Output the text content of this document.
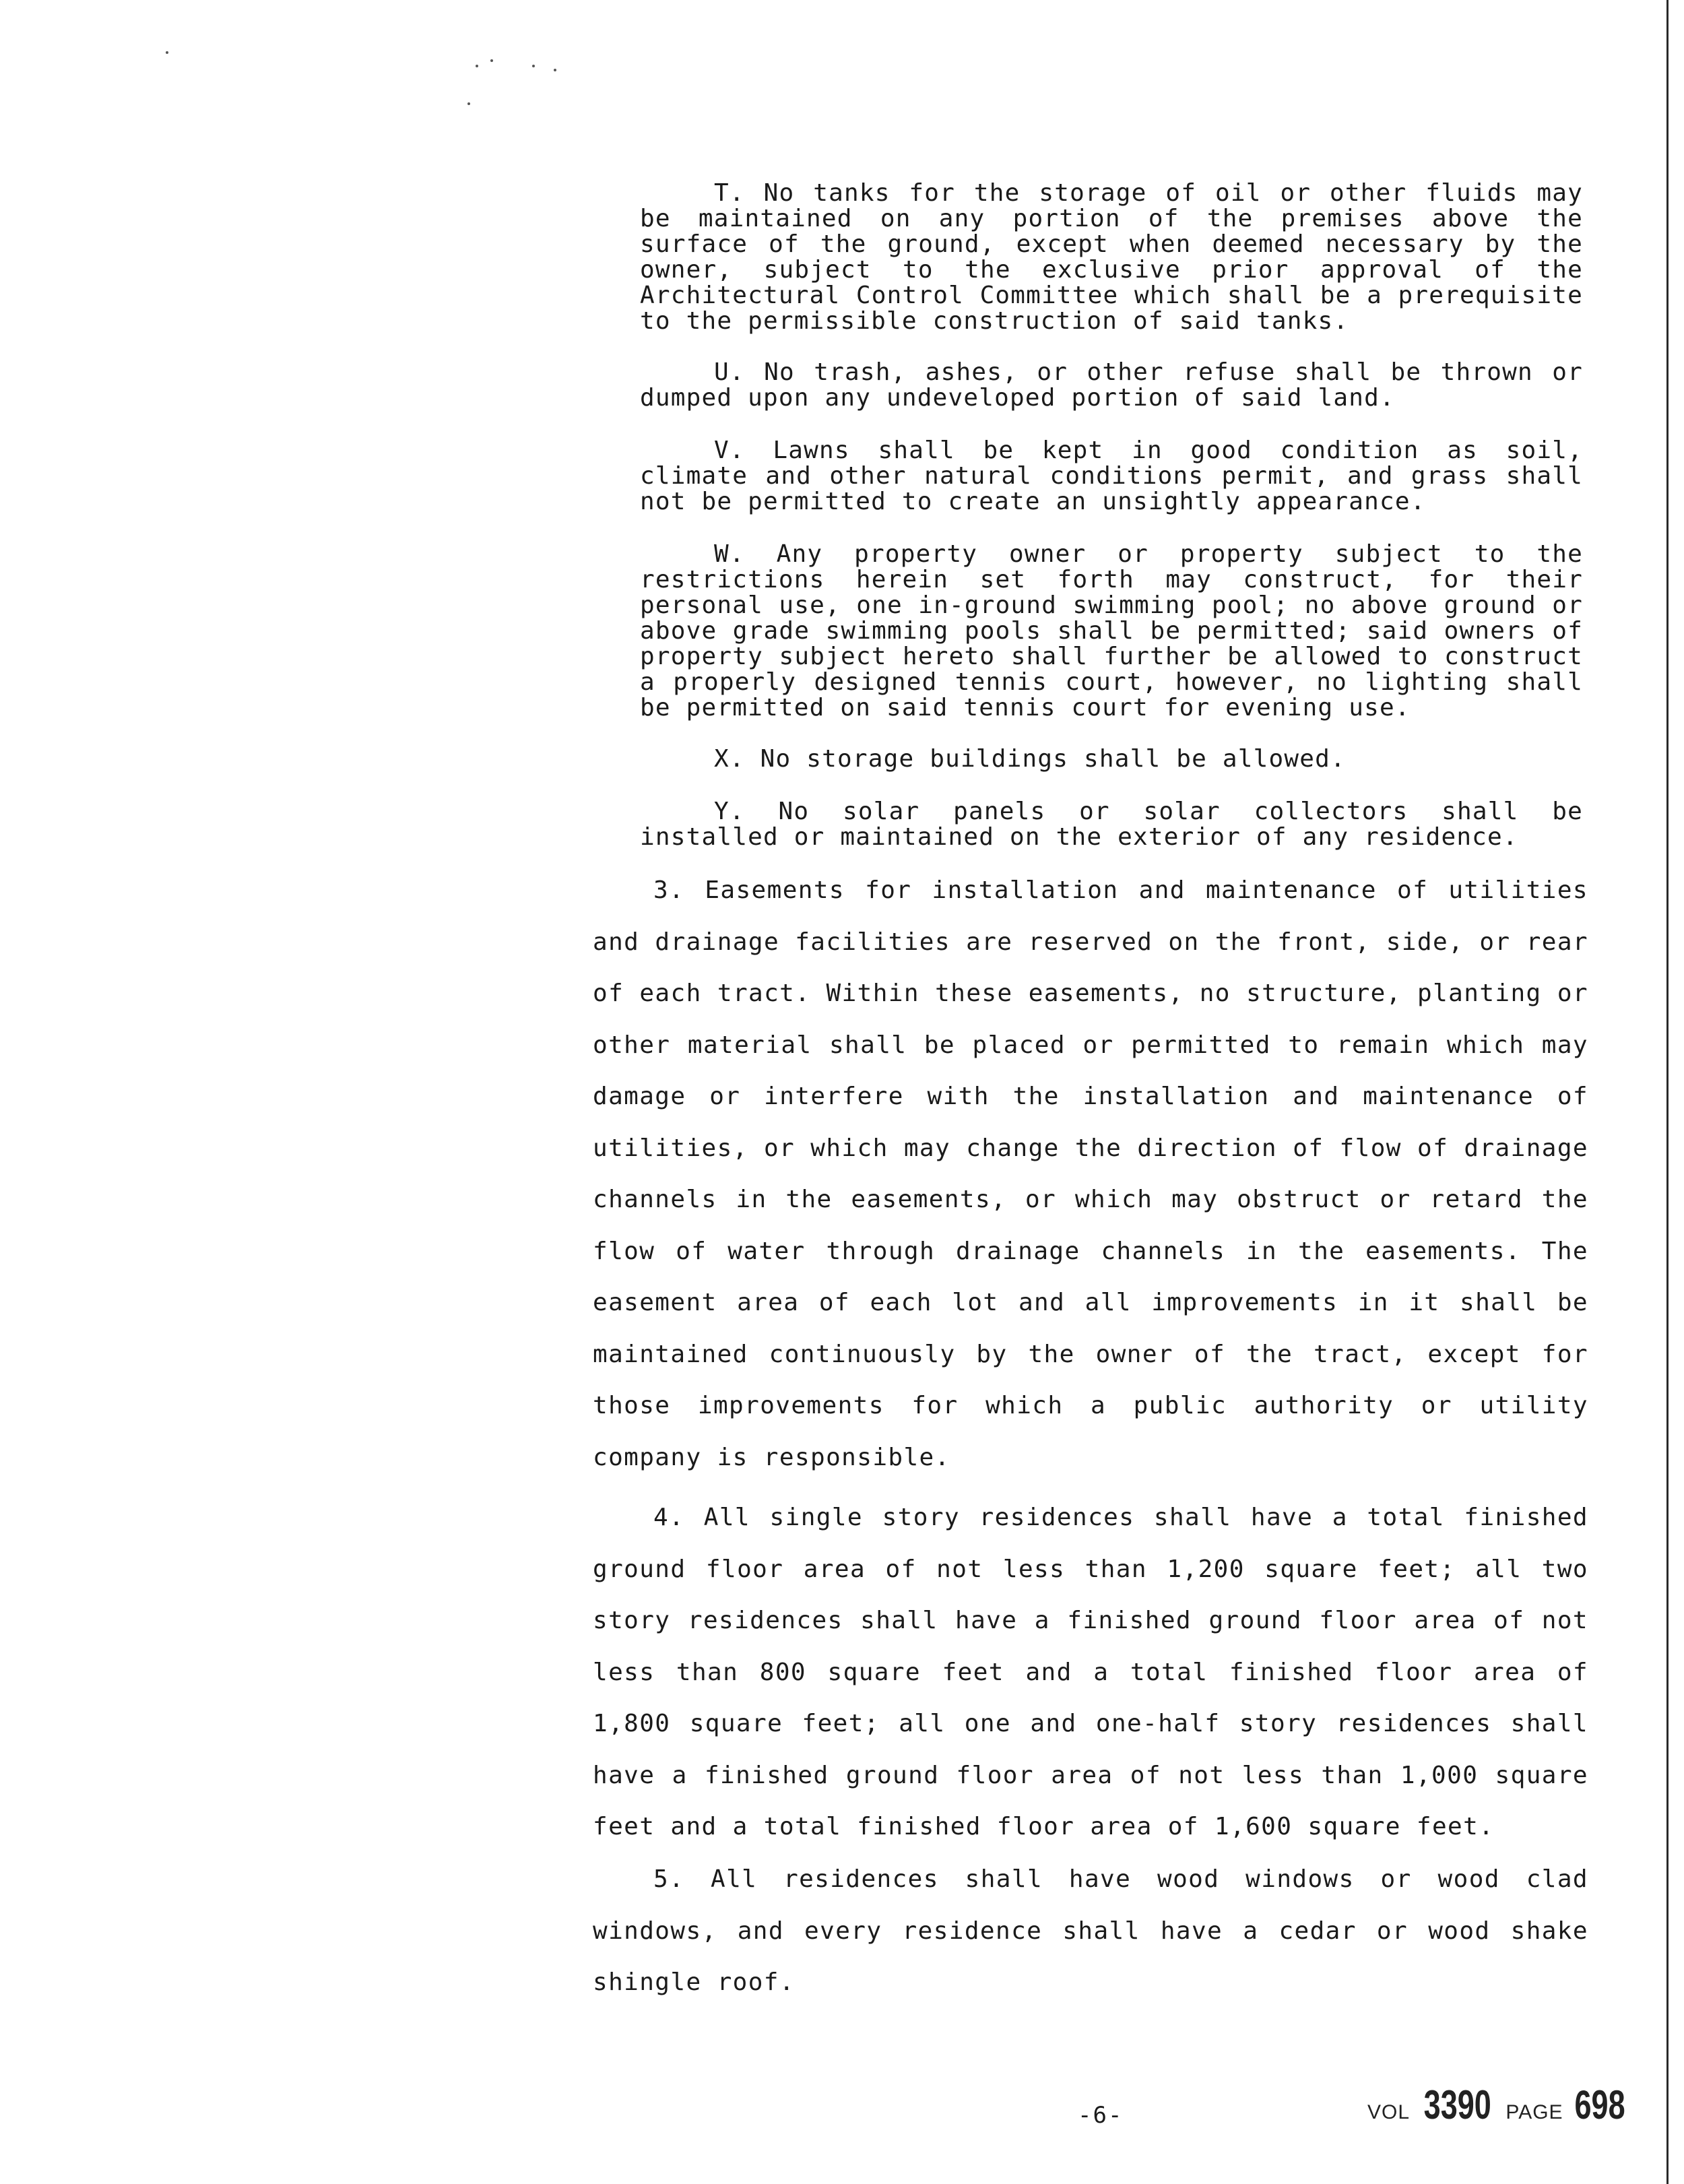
T. No tanks for the storage of oil or other fluids may be maintained on any portion of the premises above the surface of the ground, except when deemed necessary by the owner, subject to the exclusive prior approval of the Architectural Control Committee which shall be a prerequisite to the permissible construction of said tanks.

U. No trash, ashes, or other refuse shall be thrown or dumped upon any undeveloped portion of said land.

V. Lawns shall be kept in good condition as soil, climate and other natural conditions permit, and grass shall not be permitted to create an unsightly appearance.

W. Any property owner or property subject to the restrictions herein set forth may construct, for their personal use, one in-ground swimming pool; no above ground or above grade swimming pools shall be permitted; said owners of property subject hereto shall further be allowed to construct a properly designed tennis court, however, no lighting shall be permitted on said tennis court for evening use.

X. No storage buildings shall be allowed.

Y. No solar panels or solar collectors shall be installed or maintained on the exterior of any residence.

3. Easements for installation and maintenance of utilities and drainage facilities are reserved on the front, side, or rear of each tract. Within these easements, no structure, planting or other material shall be placed or permitted to remain which may damage or interfere with the installation and maintenance of utilities, or which may change the direction of flow of drainage channels in the easements, or which may obstruct or retard the flow of water through drainage channels in the easements. The easement area of each lot and all improvements in it shall be maintained continuously by the owner of the tract, except for those improvements for which a public authority or utility company is responsible.

4. All single story residences shall have a total finished ground floor area of not less than 1,200 square feet; all two story residences shall have a finished ground floor area of not less than 800 square feet and a total finished floor area of 1,800 square feet; all one and one-half story residences shall have a finished ground floor area of not less than 1,000 square feet and a total finished floor area of 1,600 square feet.

5. All residences shall have wood windows or wood clad windows, and every residence shall have a cedar or wood shake shingle roof.

-6-	VOL 3390 PAGE 698
